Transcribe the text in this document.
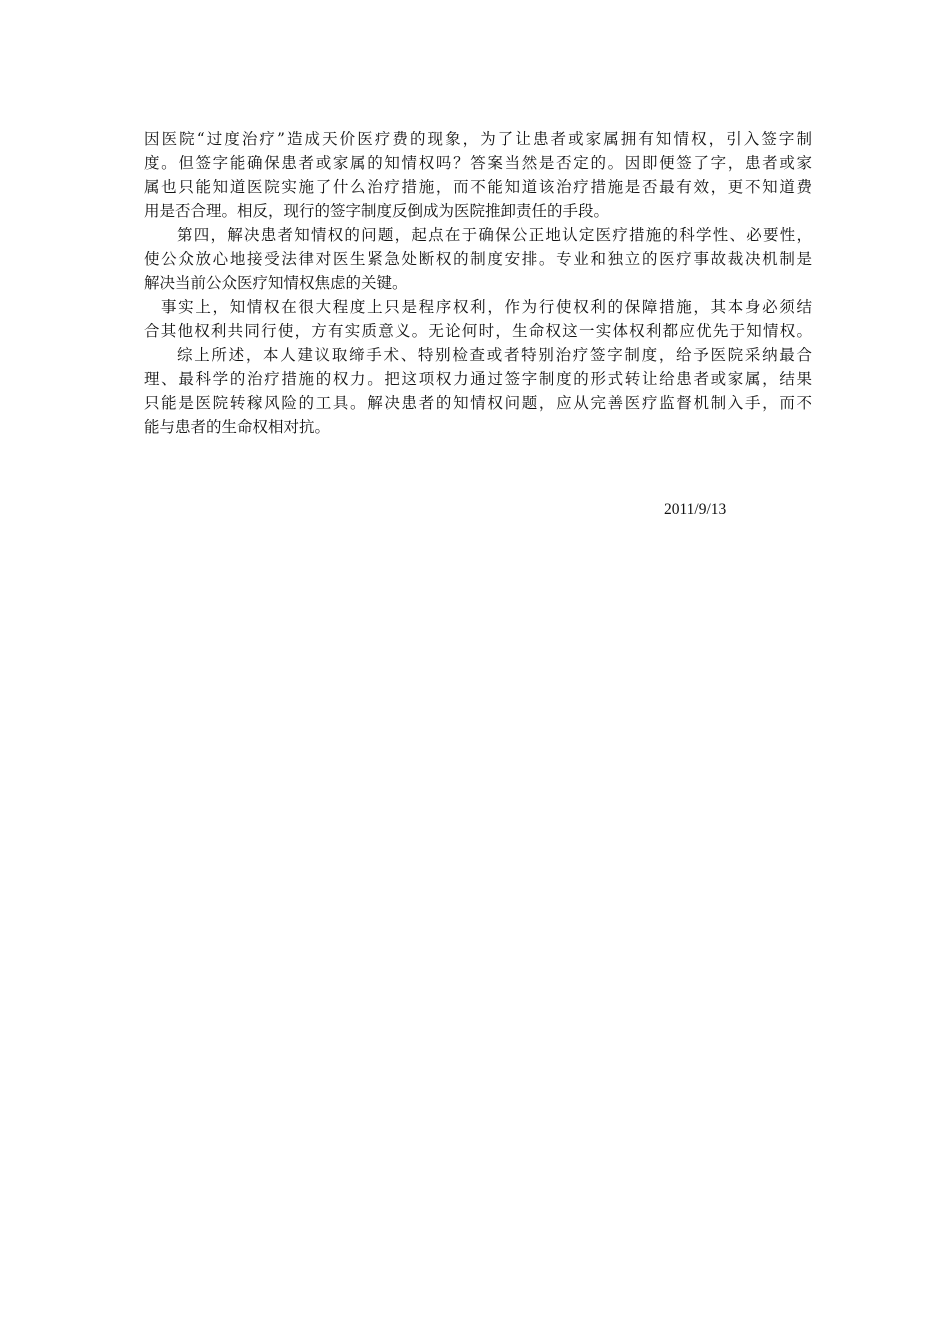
因医院“过度治疗”造成天价医疗费的现象，为了让患者或家属拥有知情权，引入签字制
度。但签字能确保患者或家属的知情权吗？答案当然是否定的。因即便签了字，患者或家
属也只能知道医院实施了什么治疗措施，而不能知道该治疗措施是否最有效，更不知道费
用是否合理。相反，现行的签字制度反倒成为医院推卸责任的手段。
第四，解决患者知情权的问题，起点在于确保公正地认定医疗措施的科学性、必要性，
使公众放心地接受法律对医生紧急处断权的制度安排。专业和独立的医疗事故裁决机制是
解决当前公众医疗知情权焦虑的关键。
事实上，知情权在很大程度上只是程序权利，作为行使权利的保障措施，其本身必须结
合其他权利共同行使，方有实质意义。无论何时，生命权这一实体权利都应优先于知情权。
综上所述，本人建议取缔手术、特别检查或者特别治疗签字制度，给予医院采纳最合
理、最科学的治疗措施的权力。把这项权力通过签字制度的形式转让给患者或家属，结果
只能是医院转稼风险的工具。解决患者的知情权问题，应从完善医疗监督机制入手，而不
能与患者的生命权相对抗。
2011/9/13
